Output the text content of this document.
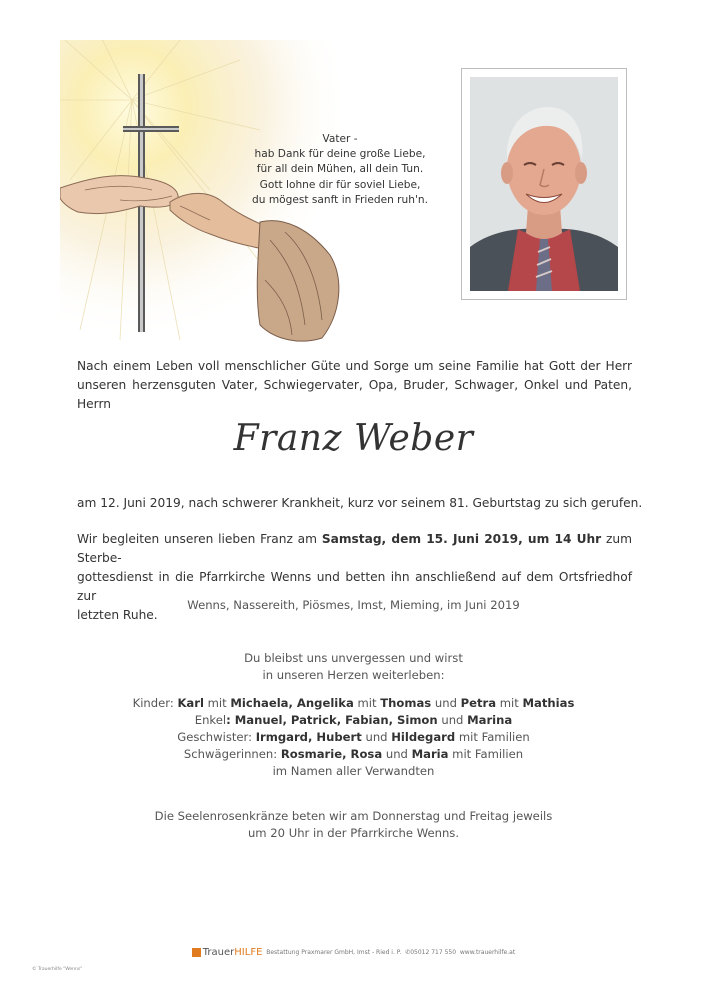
Vater -
hab Dank für deine große Liebe,
für all dein Mühen, all dein Tun.
Gott lohne dir für soviel Liebe,
du mögest sanft in Frieden ruh'n.
Nach einem Leben voll menschlicher Güte und Sorge um seine Familie hat Gott der Herr unseren herzensguten Vater, Schwiegervater, Opa, Bruder, Schwager, Onkel und Paten, Herrn
Franz Weber
am 12. Juni 2019, nach schwerer Krankheit, kurz vor seinem 81. Geburtstag zu sich gerufen.
Wir begleiten unseren lieben Franz am Samstag, dem 15. Juni 2019, um 14 Uhr zum Sterbe-
gottesdienst in die Pfarrkirche Wenns und betten ihn anschließend auf dem Ortsfriedhof zur
letzten Ruhe.
Wenns, Nassereith, Piösmes, Imst, Mieming, im Juni 2019
Du bleibst uns unvergessen und wirst
in unseren Herzen weiterleben:
Kinder: Karl mit Michaela, Angelika mit Thomas und Petra mit Mathias
Enkel: Manuel, Patrick, Fabian, Simon und Marina
Geschwister: Irmgard, Hubert und Hildegard mit Familien
Schwägerinnen: Rosmarie, Rosa und Maria mit Familien
im Namen aller Verwandten
Die Seelenrosenkränze beten wir am Donnerstag und Freitag jeweils
um 20 Uhr in der Pfarrkirche Wenns.
TrauerHILFE Bestattung Praxmarer GmbH, Imst - Ried i. P. ✆05012 717 550 www.trauerhilfe.at
© Trauerhilfe "Wenns"
